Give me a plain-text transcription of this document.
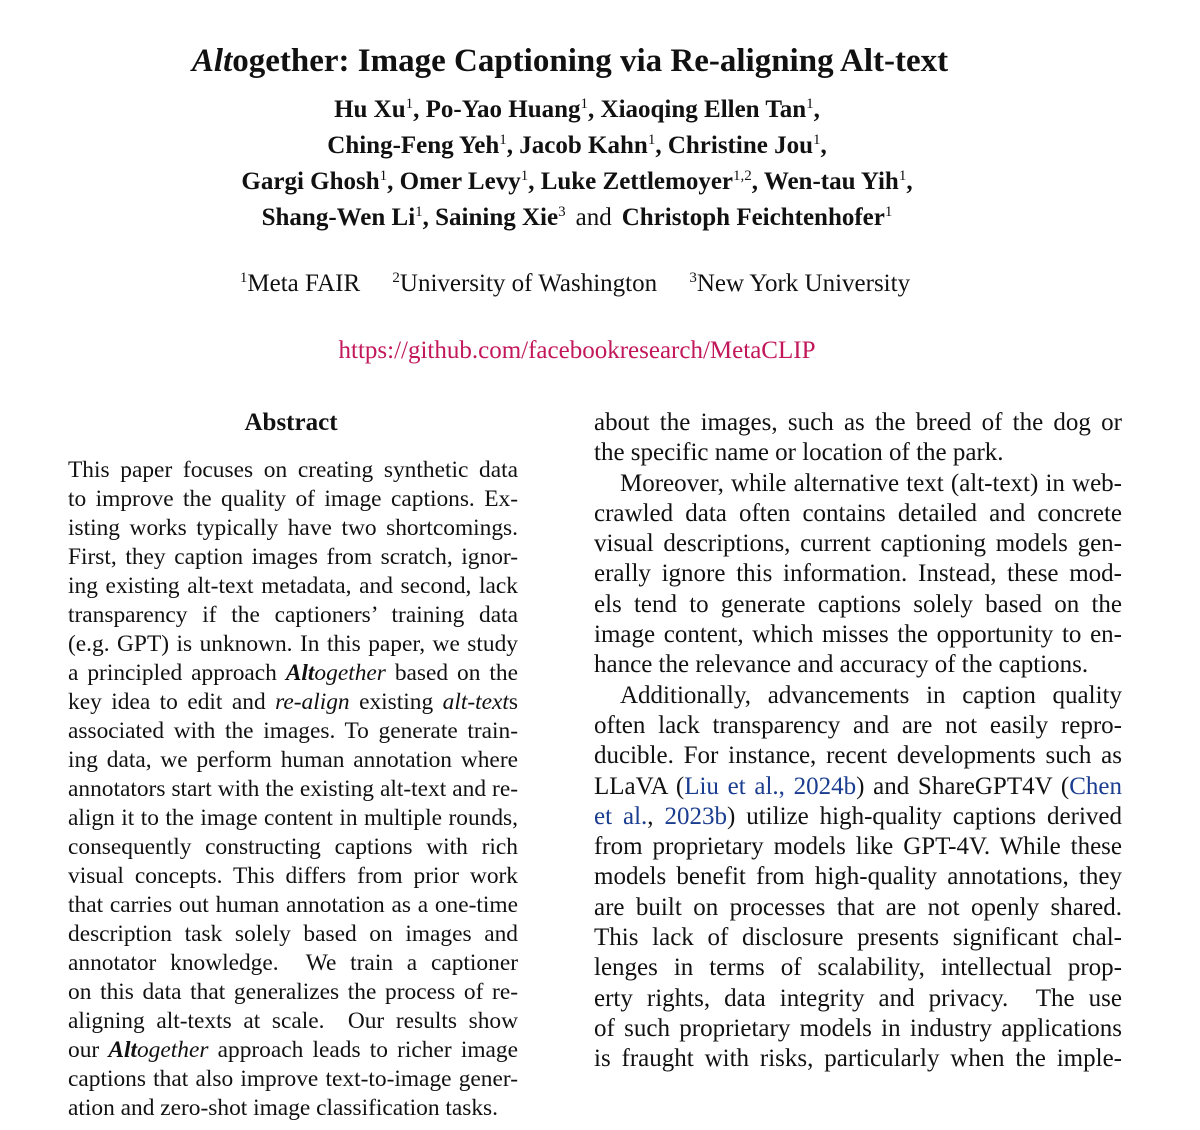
Altogether: Image Captioning via Re-aligning Alt-text
Hu Xu$^1$, Po-Yao Huang$^1$, Xiaoqing Ellen Tan$^1$,
Ching-Feng Yeh$^1$, Jacob Kahn$^1$, Christine Jou$^1$,
Gargi Ghosh$^1$, Omer Levy$^1$, Luke Zettlemoyer$^{1,2}$, Wen-tau Yih$^1$,
Shang-Wen Li$^1$, Saining Xie$^3$ and Christoph Feichtenhofer$^1$
$^1$Meta FAIR $^2$University of Washington $^3$New York University
https://github.com/facebookresearch/MetaCLIP
Abstract
This paper focuses on creating synthetic data
to improve the quality of image captions. Ex-
isting works typically have two shortcomings.
First, they caption images from scratch, ignor-
ing existing alt-text metadata, and second, lack
transparency if the captioners’ training data
(e.g. GPT) is unknown. In this paper, we study
a principled approach Altogether based on the
key idea to edit and re-align existing alt-texts
associated with the images. To generate train-
ing data, we perform human annotation where
annotators start with the existing alt-text and re-
align it to the image content in multiple rounds,
consequently constructing captions with rich
visual concepts. This differs from prior work
that carries out human annotation as a one-time
description task solely based on images and
annotator knowledge.  We train a captioner
on this data that generalizes the process of re-
aligning alt-texts at scale.  Our results show
our Altogether approach leads to richer image
captions that also improve text-to-image gener-
ation and zero-shot image classification tasks.
about the images, such as the breed of the dog or
the specific name or location of the park.
Moreover, while alternative text (alt-text) in web-
crawled data often contains detailed and concrete
visual descriptions, current captioning models gen-
erally ignore this information. Instead, these mod-
els tend to generate captions solely based on the
image content, which misses the opportunity to en-
hance the relevance and accuracy of the captions.
Additionally, advancements in caption quality
often lack transparency and are not easily repro-
ducible. For instance, recent developments such as
LLaVA (Liu et al., 2024b) and ShareGPT4V (Chen
et al., 2023b) utilize high-quality captions derived
from proprietary models like GPT-4V. While these
models benefit from high-quality annotations, they
are built on processes that are not openly shared.
This lack of disclosure presents significant chal-
lenges in terms of scalability, intellectual prop-
erty rights, data integrity and privacy.  The use
of such proprietary models in industry applications
is fraught with risks, particularly when the imple-
